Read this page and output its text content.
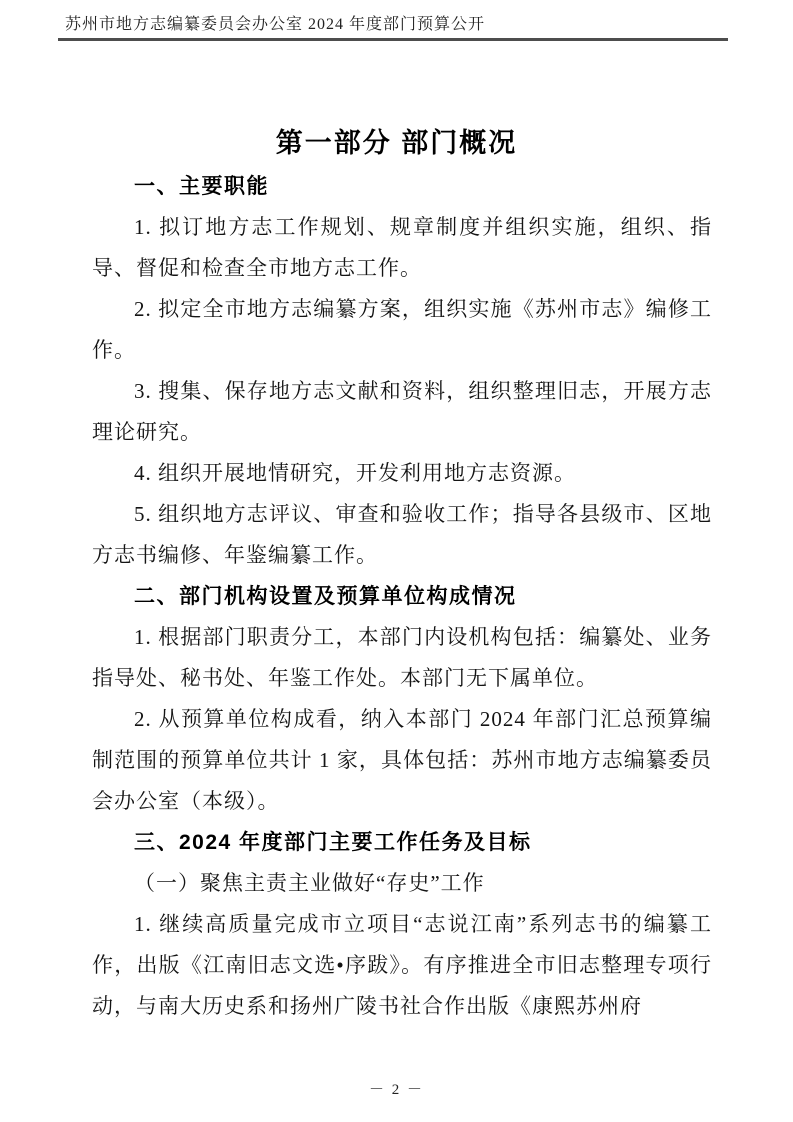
苏州市地方志编纂委员会办公室 2024 年度部门预算公开
第一部分 部门概况

一、主要职能

1. 拟订地方志工作规划、规章制度并组织实施，组织、指导、督促和检查全市地方志工作。

2. 拟定全市地方志编纂方案，组织实施《苏州市志》编修工作。

3. 搜集、保存地方志文献和资料，组织整理旧志，开展方志理论研究。

4. 组织开展地情研究，开发利用地方志资源。

5. 组织地方志评议、审查和验收工作；指导各县级市、区地方志书编修、年鉴编纂工作。

二、部门机构设置及预算单位构成情况

1. 根据部门职责分工，本部门内设机构包括：编纂处、业务指导处、秘书处、年鉴工作处。本部门无下属单位。

2. 从预算单位构成看，纳入本部门 2024 年部门汇总预算编制范围的预算单位共计 1 家，具体包括：苏州市地方志编纂委员会办公室（本级）。

三、2024 年度部门主要工作任务及目标

（一）聚焦主责主业做好“存史”工作

1. 继续高质量完成市立项目“志说江南”系列志书的编纂工作，出版《江南旧志文选•序跋》。有序推进全市旧志整理专项行动，与南大历史系和扬州广陵书社合作出版《康熙苏州府

－ 2 －
